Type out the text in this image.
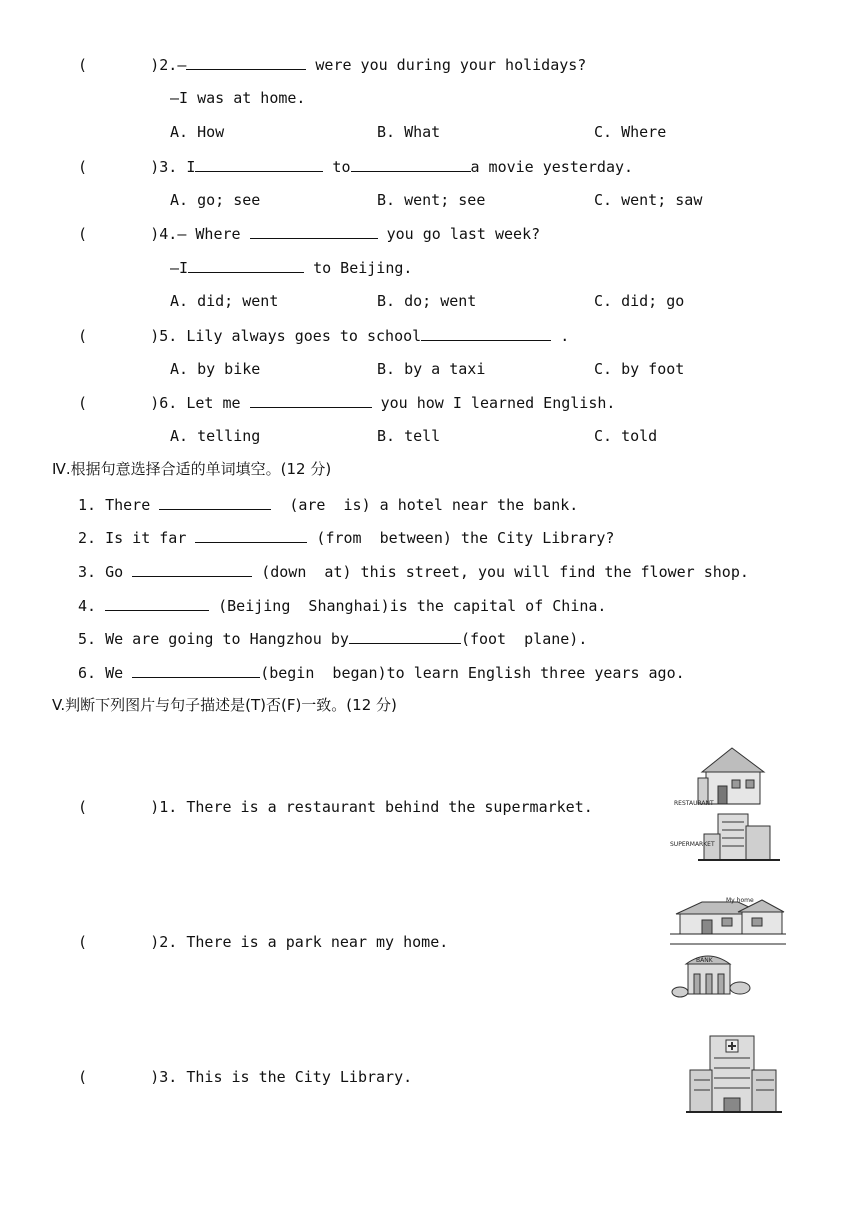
(       )2.—	were you during your holidays?
—I was at home.
A. How	B. What	C. Where
(       )3. I	to	a movie yesterday.
A. go; see	B. went; see	C. went; saw
(       )4.— Where	you go last week?
—I	to Beijing.
A. did; went	B. do; went	C. did; go
(       )5. Lily always goes to school	.
A. by bike	B. by a taxi	C. by foot
(       )6. Let me	you how I learned English.
A. telling	B. tell	C. told
Ⅳ.根据句意选择合适的单词填空。(12 分)
1. There	(are  is) a hotel near the bank.
2. Is it far	(from  between) the City Library?
3. Go	(down  at) this street, you will find the flower shop.
4.	(Beijing  Shanghai)is the capital of China.
5. We are going to Hangzhou by	(foot  plane).
6. We	(begin  began)to learn English three years ago.
V.判断下列图片与句子描述是(T)否(F)一致。(12 分)
(       )1. There is a restaurant behind the supermarket.
(       )2. There is a park near my home.
(       )3. This is the City Library.
RESTAURANT
SUPERMARKET
My home
BANK
